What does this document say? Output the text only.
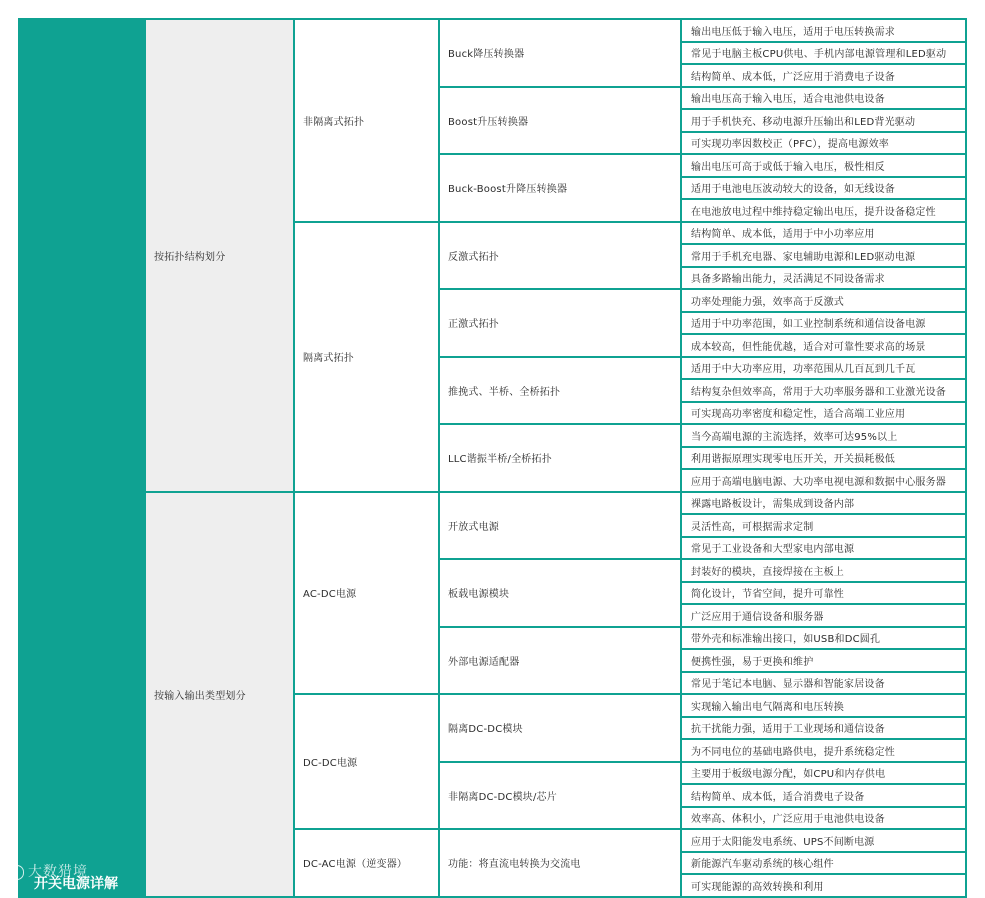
按拓扑结构划分
非隔离式拓扑
Buck降压转换器
输出电压低于输入电压，适用于电压转换需求
常见于电脑主板CPU供电、手机内部电源管理和LED驱动
结构简单、成本低，广泛应用于消费电子设备
Boost升压转换器
输出电压高于输入电压，适合电池供电设备
用于手机快充、移动电源升压输出和LED背光驱动
可实现功率因数校正（PFC），提高电源效率
Buck-Boost升降压转换器
输出电压可高于或低于输入电压，极性相反
适用于电池电压波动较大的设备，如无线设备
在电池放电过程中维持稳定输出电压，提升设备稳定性
隔离式拓扑
反激式拓扑
结构简单、成本低，适用于中小功率应用
常用于手机充电器、家电辅助电源和LED驱动电源
具备多路输出能力，灵活满足不同设备需求
正激式拓扑
功率处理能力强，效率高于反激式
适用于中功率范围，如工业控制系统和通信设备电源
成本较高，但性能优越，适合对可靠性要求高的场景
推挽式、半桥、全桥拓扑
适用于中大功率应用，功率范围从几百瓦到几千瓦
结构复杂但效率高，常用于大功率服务器和工业激光设备
可实现高功率密度和稳定性，适合高端工业应用
LLC谐振半桥/全桥拓扑
当今高端电源的主流选择，效率可达95%以上
利用谐振原理实现零电压开关，开关损耗极低
应用于高端电脑电源、大功率电视电源和数据中心服务器
按输入输出类型划分
AC-DC电源
开放式电源
裸露电路板设计，需集成到设备内部
灵活性高，可根据需求定制
常见于工业设备和大型家电内部电源
板载电源模块
封装好的模块，直接焊接在主板上
简化设计，节省空间，提升可靠性
广泛应用于通信设备和服务器
外部电源适配器
带外壳和标准输出接口，如USB和DC圆孔
便携性强，易于更换和维护
常见于笔记本电脑、显示器和智能家居设备
DC-DC电源
隔离DC-DC模块
实现输入输出电气隔离和电压转换
抗干扰能力强，适用于工业现场和通信设备
为不同电位的基础电路供电，提升系统稳定性
非隔离DC-DC模块/芯片
主要用于板级电源分配，如CPU和内存供电
结构简单、成本低，适合消费电子设备
效率高、体积小，广泛应用于电池供电设备
DC-AC电源（逆变器）	功能：将直流电转换为交流电
应用于太阳能发电系统、UPS不间断电源
新能源汽车驱动系统的核心组件
可实现能源的高效转换和利用
大数猎境
开关电源详解
